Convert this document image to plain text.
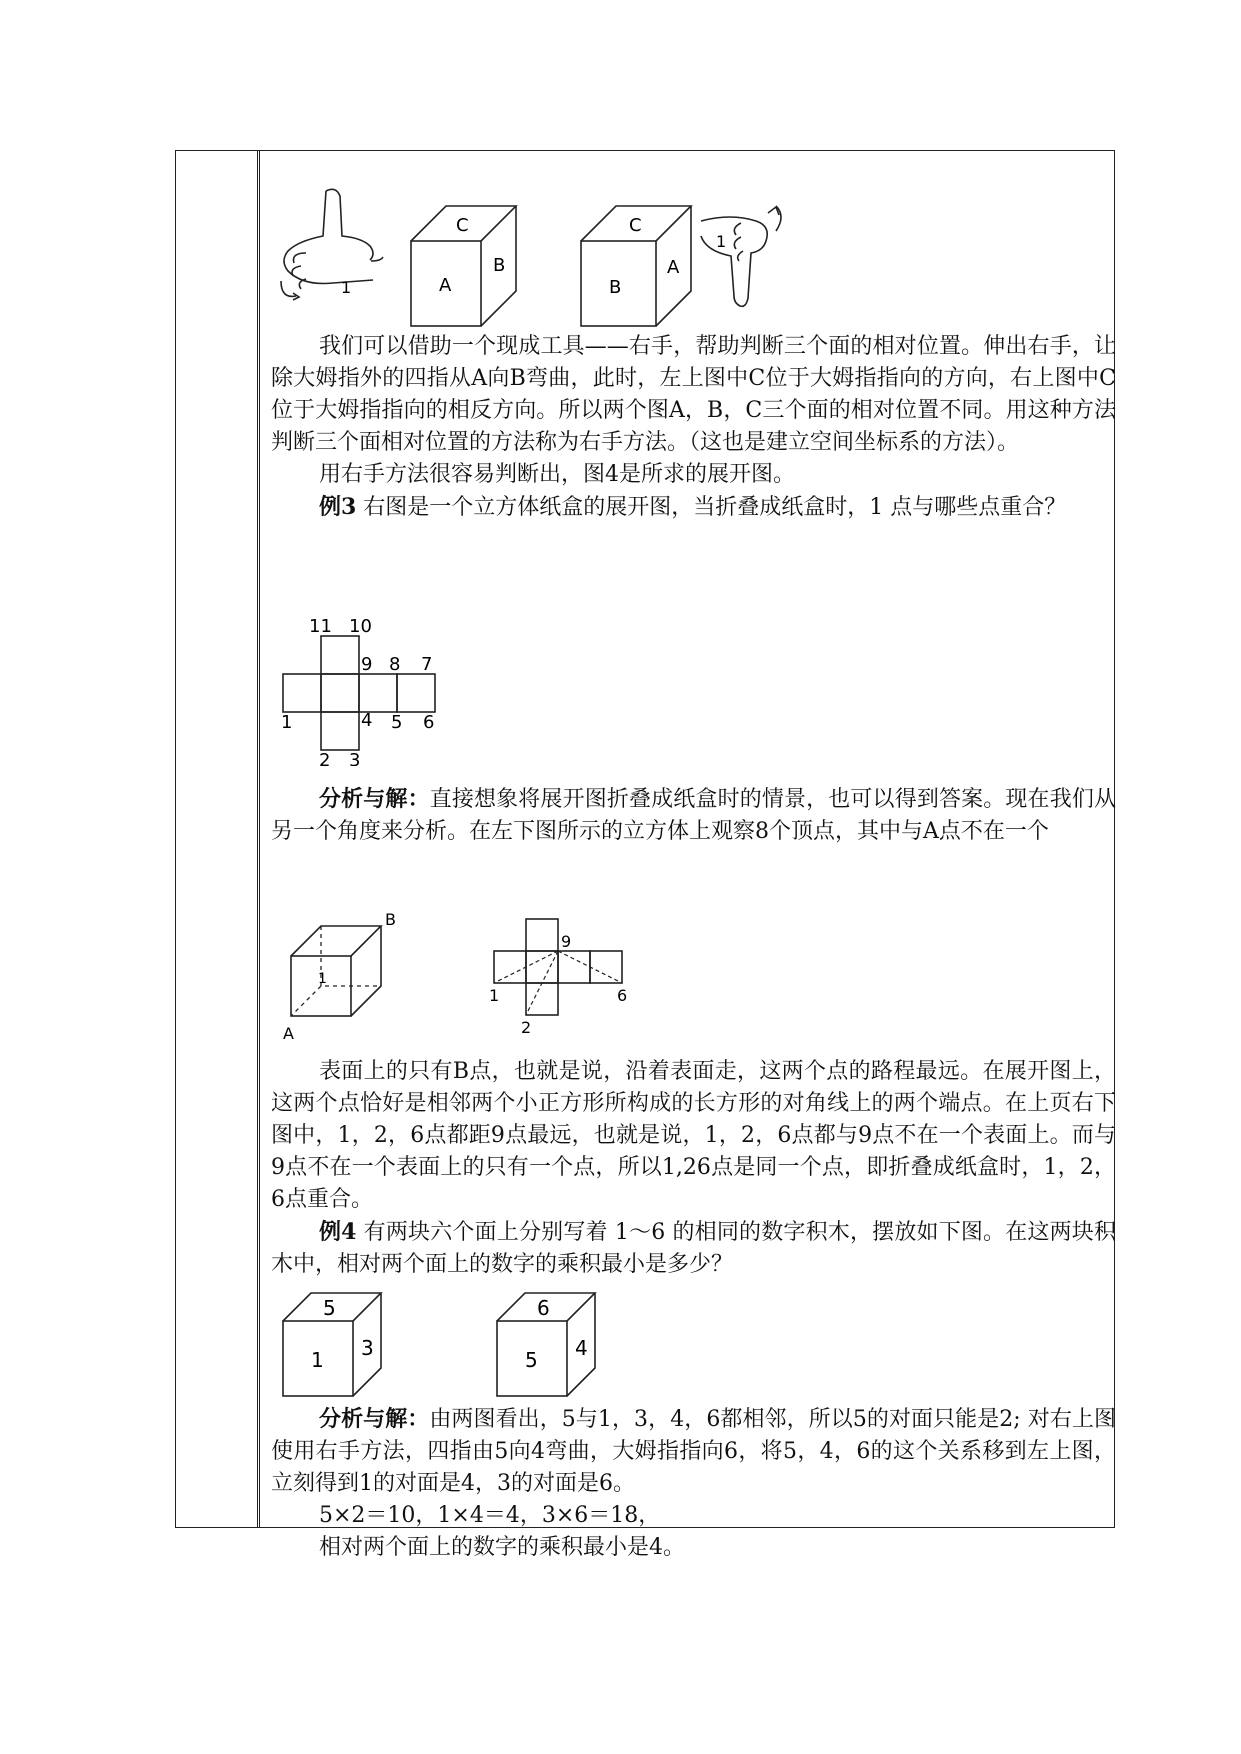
1
C
A
B
C
B
A
1

我们可以借助一个现成工具——右手，帮助判断三个面的相对位置。伸出右手，让除大姆指外的四指从A向B弯曲，此时，左上图中C位于大姆指指向的方向，右上图中C位于大姆指指向的相反方向。所以两个图A，B，C三个面的相对位置不同。用这种方法判断三个面相对位置的方法称为右手方法。（这也是建立空间坐标系的方法）。

用右手方法很容易判断出，图4是所求的展开图。

例3 右图是一个立方体纸盒的展开图，当折叠成纸盒时，1 点与哪些点重合？

11 10
9 8 7
1	4 5 6
2 3

分析与解：直接想象将展开图折叠成纸盒时的情景，也可以得到答案。现在我们从另一个角度来分析。在左下图所示的立方体上观察8个顶点，其中与A点不在一个

B
A
1
9
1	6
2

表面上的只有B点，也就是说，沿着表面走，这两个点的路程最远。在展开图上，这两个点恰好是相邻两个小正方形所构成的长方形的对角线上的两个端点。在上页右下图中，1，2，6点都距9点最远，也就是说，1，2，6点都与9点不在一个表面上。而与9点不在一个表面上的只有一个点，所以1,26点是同一个点，即折叠成纸盒时，1，2，6点重合。

例4 有两块六个面上分别写着 1～6 的相同的数字积木，摆放如下图。在这两块积木中，相对两个面上的数字的乘积最小是多少？

5
1 3
6
5 4

分析与解：由两图看出，5与1，3，4，6都相邻，所以5的对面只能是2; 对右上图使用右手方法，四指由5向4弯曲，大姆指指向6，将5，4，6的这个关系移到左上图，立刻得到1的对面是4，3的对面是6。

5×2＝10，1×4＝4，3×6＝18，

相对两个面上的数字的乘积最小是4。
